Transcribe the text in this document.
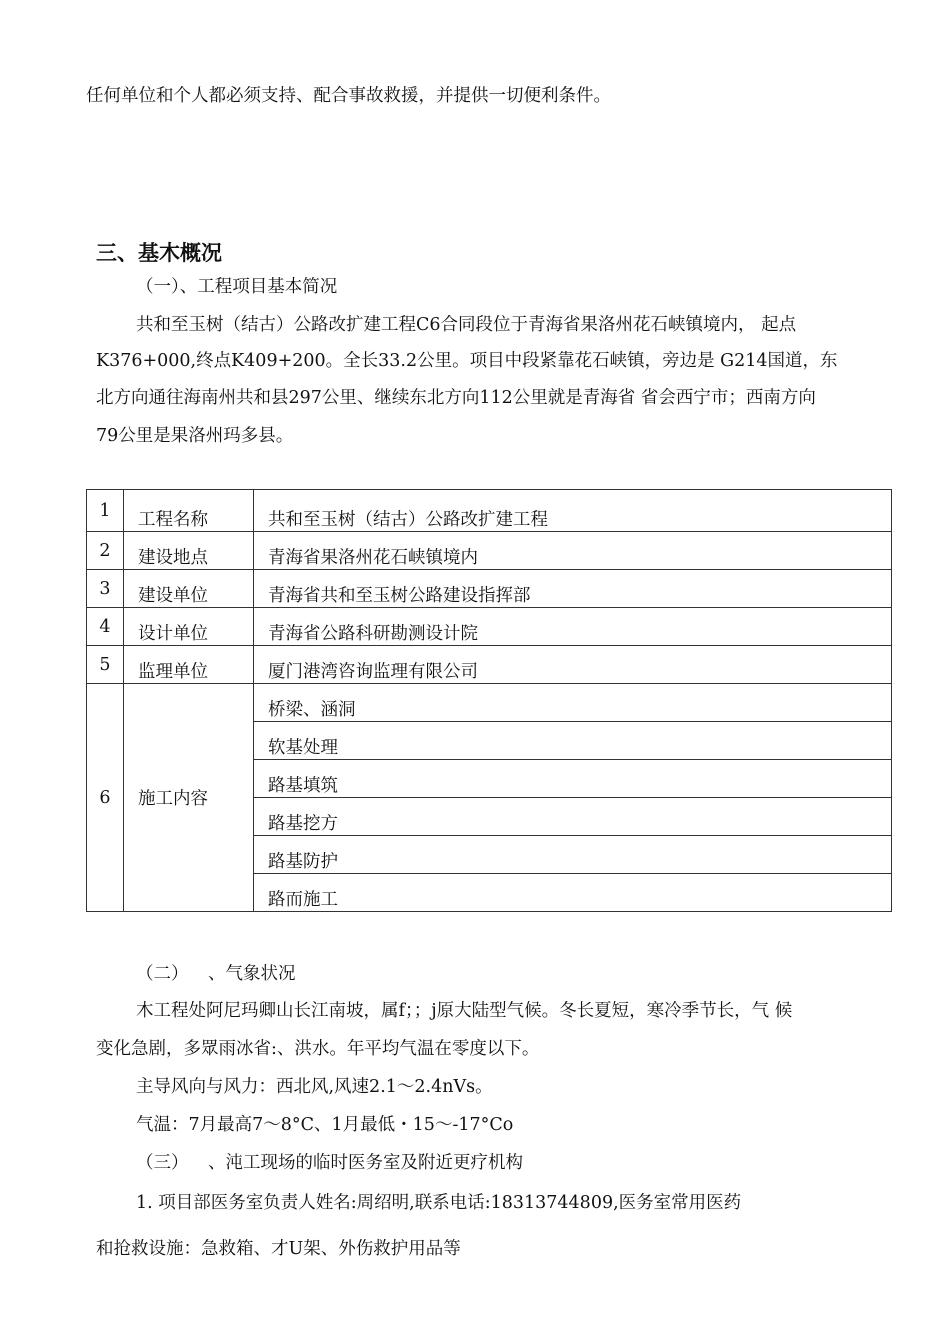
任何单位和个人都必须支持、配合事故救援，并提供一切便利条件。
三、基木概况
（一）、工程项目基本简况
共和至玉树（结古）公路改扩建工程C6合同段位于青海省果洛州花石峡镇境内， 起点
K376+000,终点K409+200。全长33.2公里。项目中段紧靠花石峡镇，旁边是 G214国道，东
北方向通往海南州共和县297公里、继续东北方向112公里就是青海省 省会西宁市；西南方向
79公里是果洛州玛多县。
1	工程名称	共和至玉树（结古）公路改扩建工程
2	建设地点	青海省果洛州花石峡镇境内
3	建设单位	青海省共和至玉树公路建设指挥部
4	设计单位	青海省公路科研勘测设计院
5	监理单位	厦门港湾咨询监理有限公司
6	施工内容	桥梁、涵洞
		软基处理
		路基填筑
		路基挖方
		路基防护
		路而施工
（二） 、气象状况
木工程处阿尼玛卿山长江南坡，属f；；j原大陆型气候。冬长夏短，寒冷季节长，气 候
变化急剧，多眾雨冰省:、洪水。年平均气温在零度以下。
主导风向与风力：西北风,风速2.1〜2.4nVs。
气温：7月最高7〜8°C、1月最低・15〜-17°Co
（三） 、沌工现场的临时医务室及附近更疗机构
1. 项目部医务室负责人姓名:周绍明,联系电话:18313744809,医务室常用医药
和抢救设施：急救箱、才U架、外伤救护用品等
